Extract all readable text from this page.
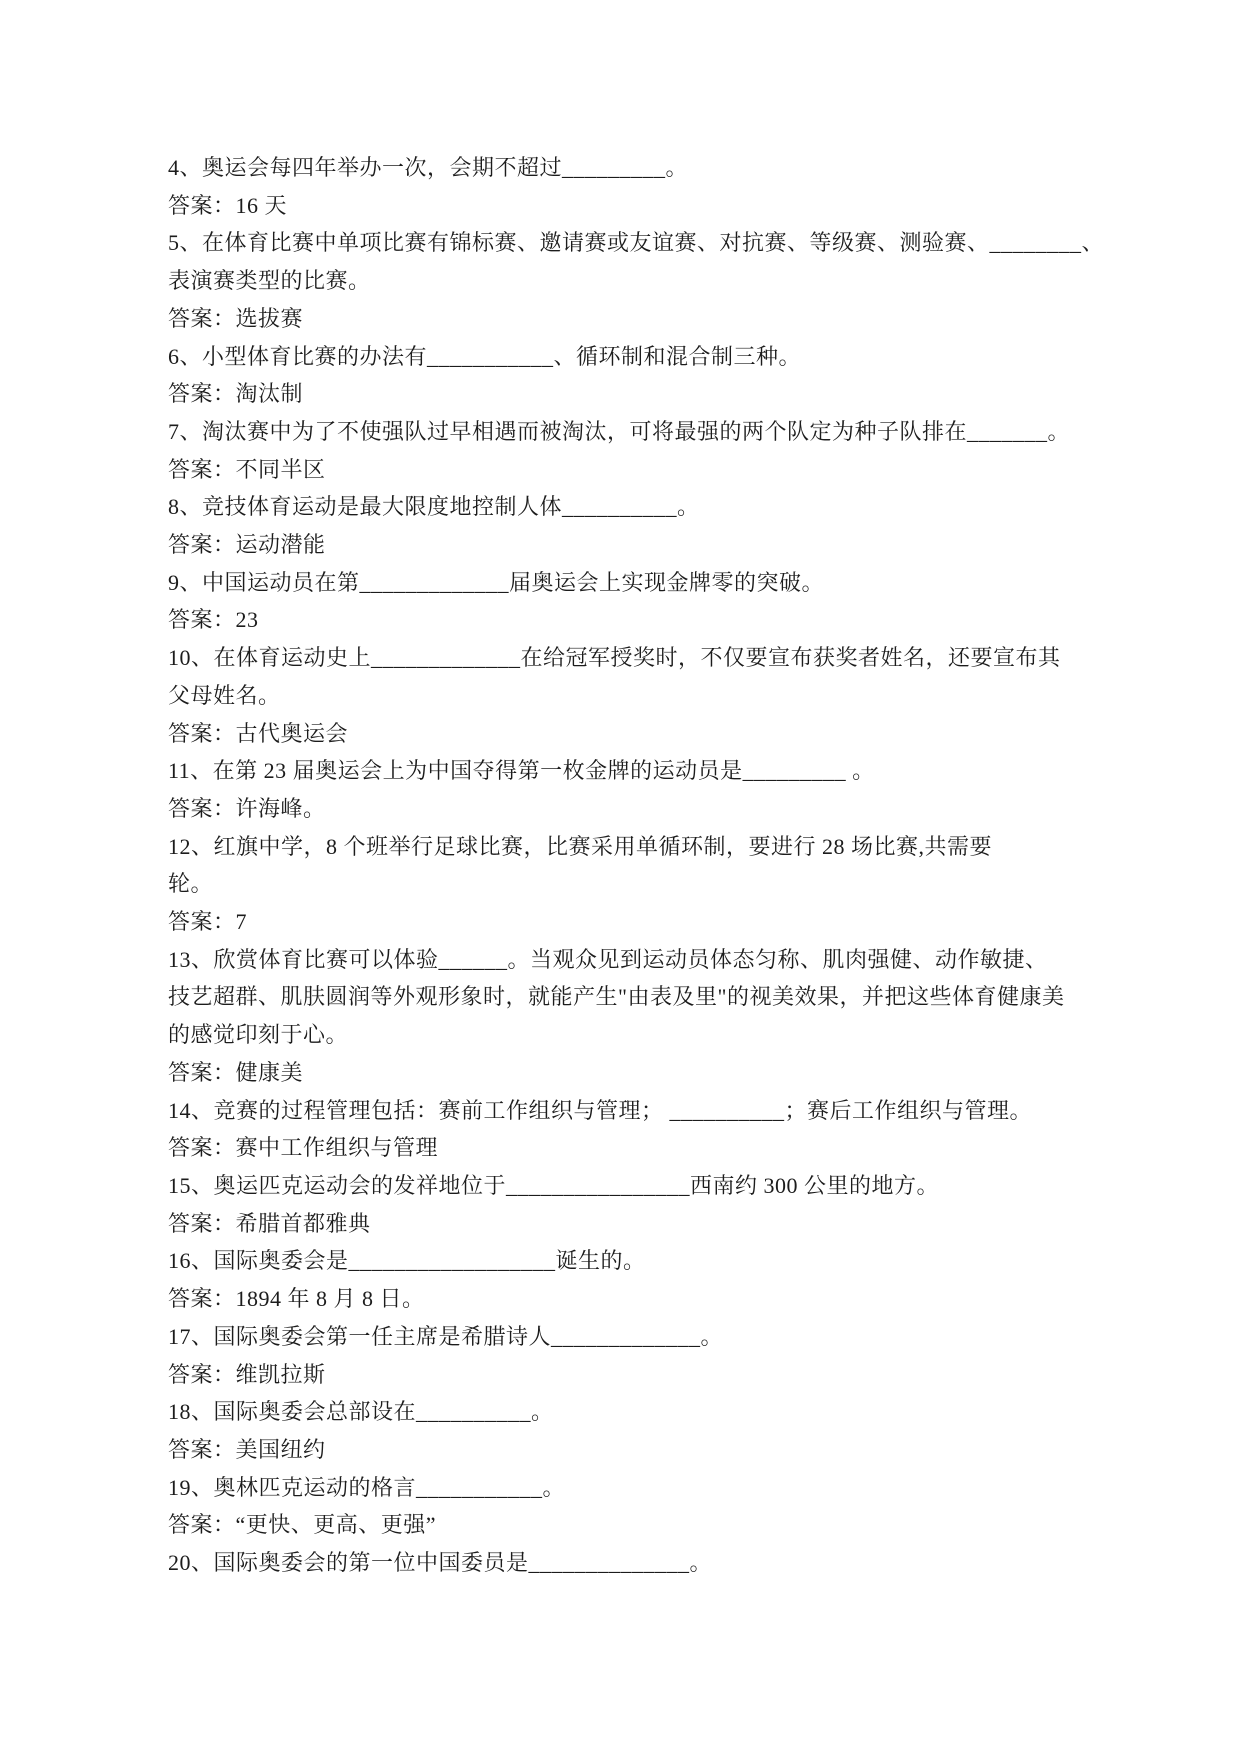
4、奥运会每四年举办一次，会期不超过_________。
答案：16 天
5、在体育比赛中单项比赛有锦标赛、邀请赛或友谊赛、对抗赛、等级赛、测验赛、________、
表演赛类型的比赛。
答案：选拔赛
6、小型体育比赛的办法有___________、循环制和混合制三种。
答案：淘汰制
7、淘汰赛中为了不使强队过早相遇而被淘汰，可将最强的两个队定为种子队排在_______。
答案：不同半区
8、竞技体育运动是最大限度地控制人体__________。
答案：运动潜能
9、中国运动员在第_____________届奥运会上实现金牌零的突破。
答案：23
10、在体育运动史上_____________在给冠军授奖时，不仅要宣布获奖者姓名，还要宣布其
父母姓名。
答案：古代奥运会
11、在第 23 届奥运会上为中国夺得第一枚金牌的运动员是_________ 。
答案：许海峰。
12、红旗中学，8 个班举行足球比赛，比赛采用单循环制，要进行 28 场比赛,共需要
轮。
答案：7
13、欣赏体育比赛可以体验______。当观众见到运动员体态匀称、肌肉强健、动作敏捷、
技艺超群、肌肤圆润等外观形象时，就能产生"由表及里"的视美效果，并把这些体育健康美
的感觉印刻于心。
答案：健康美
14、竞赛的过程管理包括：赛前工作组织与管理； __________；赛后工作组织与管理。
答案：赛中工作组织与管理
15、奥运匹克运动会的发祥地位于________________西南约 300 公里的地方。
答案：希腊首都雅典
16、国际奥委会是__________________诞生的。
答案：1894 年 8 月 8 日。
17、国际奥委会第一任主席是希腊诗人_____________。
答案：维凯拉斯
18、国际奥委会总部设在__________。
答案：美国纽约
19、奥林匹克运动的格言___________。
答案：“更快、更高、更强”
20、国际奥委会的第一位中国委员是______________。
